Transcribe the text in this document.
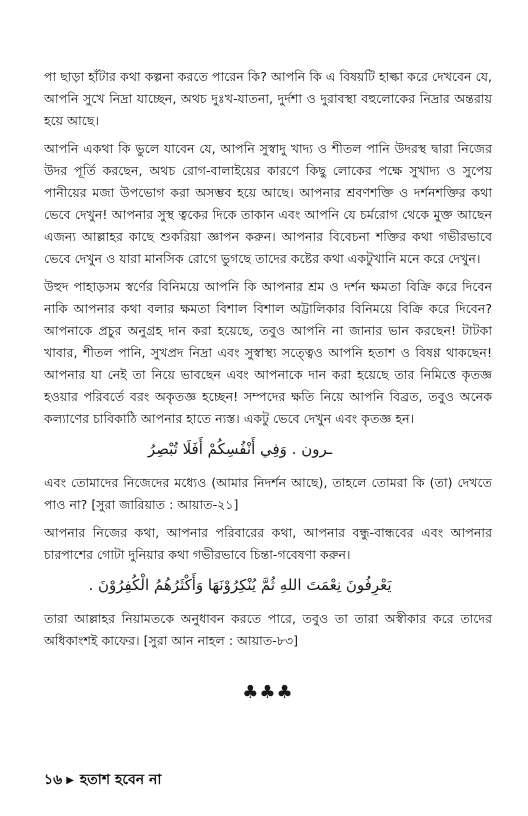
পা ছাড়া হাঁটার কথা কল্পনা করতে পারেন কি? আপনি কি এ বিষয়টি হাল্কা করে দেখবেন যে, আপনি সুখে নিদ্রা যাচ্ছেন, অথচ দুঃখ-যাতনা, দুর্দশা ও দুরাবস্থা বহুলোকের নিদ্রার অন্তরায় হয়ে আছে।

আপনি একথা কি ভুলে যাবেন যে, আপনি সুস্বাদু খাদ্য ও শীতল পানি উদরস্থ দ্বারা নিজের উদর পূর্তি করছেন, অথচ রোগ-বালাইয়ের কারণে কিছু লোকের পক্ষে সুখাদ্য ও সুপেয় পানীয়ের মজা উপভোগ করা অসম্ভব হয়ে আছে। আপনার শ্রবণশক্তি ও দর্শনশক্তির কথা ভেবে দেখুন! আপনার সুস্থ ত্বকের দিকে তাকান এবং আপনি যে চর্মরোগ থেকে মুক্ত আছেন এজন্য আল্লাহর কাছে শুকরিয়া জ্ঞাপন করুন। আপনার বিবেচনা শক্তির কথা গভীরভাবে ভেবে দেখুন ও যারা মানসিক রোগে ভুগছে তাদের কষ্টের কথা একটুখানি মনে করে দেখুন।

উহুদ পাহাড়সম স্বর্ণের বিনিময়ে আপনি কি আপনার শ্রম ও দর্শন ক্ষমতা বিক্রি করে দিবেন নাকি আপনার কথা বলার ক্ষমতা বিশাল বিশাল অট্টালিকার বিনিময়ে বিক্রি করে দিবেন? আপনাকে প্রচুর অনুগ্রহ দান করা হয়েছে, তবুও আপনি না জানার ভান করছেন! টাটকা খাবার, শীতল পানি, সুখপ্রদ নিদ্রা এবং সুস্বাস্থ্য সত্ত্বেও আপনি হতাশ ও বিষণ্ণ থাকছেন! আপনার যা নেই তা নিয়ে ভাবছেন এবং আপনাকে দান করা হয়েছে তার নিমিত্তে কৃতজ্ঞ হওয়ার পরিবর্তে বরং অকৃতজ্ঞ হচ্ছেন! সম্পদের ক্ষতি নিয়ে আপনি বিব্রত, তবুও অনেক কল্যাণের চাবিকাঠি আপনার হাতে ন্যস্ত। একটু ভেবে দেখুন এবং কৃতজ্ঞ হন।

ـرون . وَفِي أَنْفُسِكُمْ أَفَلَا تُبْصِرُ

এবং তোমাদের নিজেদের মধ্যেও (আমার নিদর্শন আছে), তাহলে তোমরা কি (তা) দেখতে পাও না? [সুরা জারিয়াত : আয়াত-২১]

আপনার নিজের কথা, আপনার পরিবারের কথা, আপনার বন্ধু-বান্ধবের এবং আপনার চারপাশের গোটা দুনিয়ার কথা গভীরভাবে চিন্তা-গবেষণা করুন।

يَعْرِفُونَ نِعْمَتَ اللهِ ثُمَّ يُنْكِرُوْنَهَا وَأَكْثَرُهُمُ الْكُفِرُوْنَ .

তারা আল্লাহর নিয়ামতকে অনুধাবন করতে পারে, তবুও তা তারা অস্বীকার করে তাদের অধিকাংশই কাফের। [সুরা আন নাহল : আয়াত-৮৩]

♣♣♣
১৬ ▶ হতাশ হবেন না
